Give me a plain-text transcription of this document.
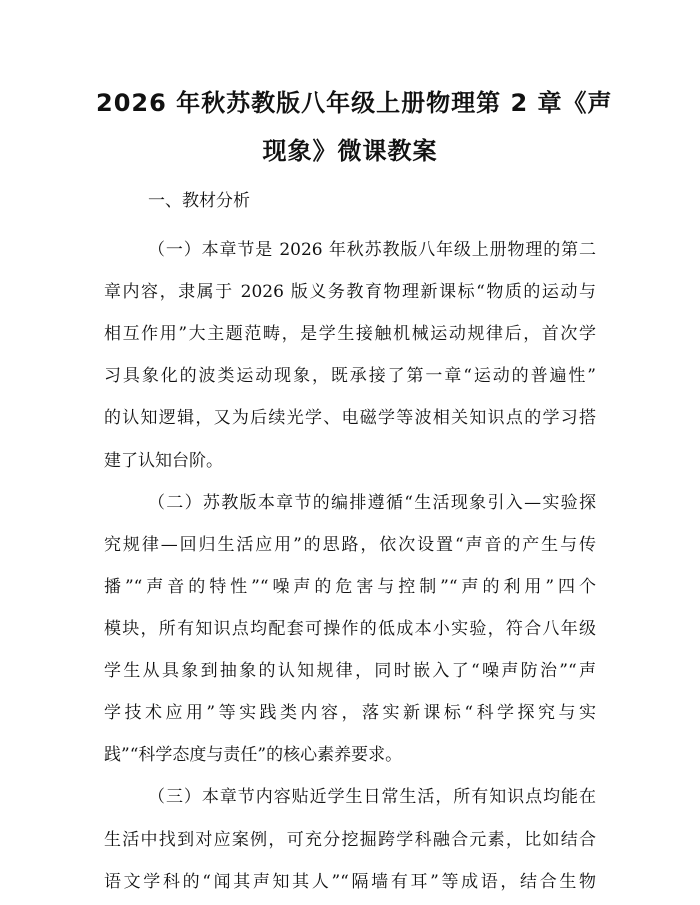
2026 年秋苏教版八年级上册物理第 2 章《声
现象》微课教案
一、教材分析
（一）本章节是 2026 年秋苏教版八年级上册物理的第二
章内容，隶属于 2026 版义务教育物理新课标“物质的运动与
相互作用”大主题范畴，是学生接触机械运动规律后，首次学
习具象化的波类运动现象，既承接了第一章“运动的普遍性”
的认知逻辑，又为后续光学、电磁学等波相关知识点的学习搭
建了认知台阶。
（二）苏教版本章节的编排遵循“生活现象引入—实验探
究规律—回归生活应用”的思路，依次设置“声音的产生与传
播”“声音的特性”“噪声的危害与控制”“声的利用”四个
模块，所有知识点均配套可操作的低成本小实验，符合八年级
学生从具象到抽象的认知规律，同时嵌入了“噪声防治”“声
学技术应用”等实践类内容，落实新课标“科学探究与实
践”“科学态度与责任”的核心素养要求。
（三）本章节内容贴近学生日常生活，所有知识点均能在
生活中找到对应案例，可充分挖掘跨学科融合元素，比如结合
语文学科的“闻其声知其人”“隔墙有耳”等成语，结合生物
